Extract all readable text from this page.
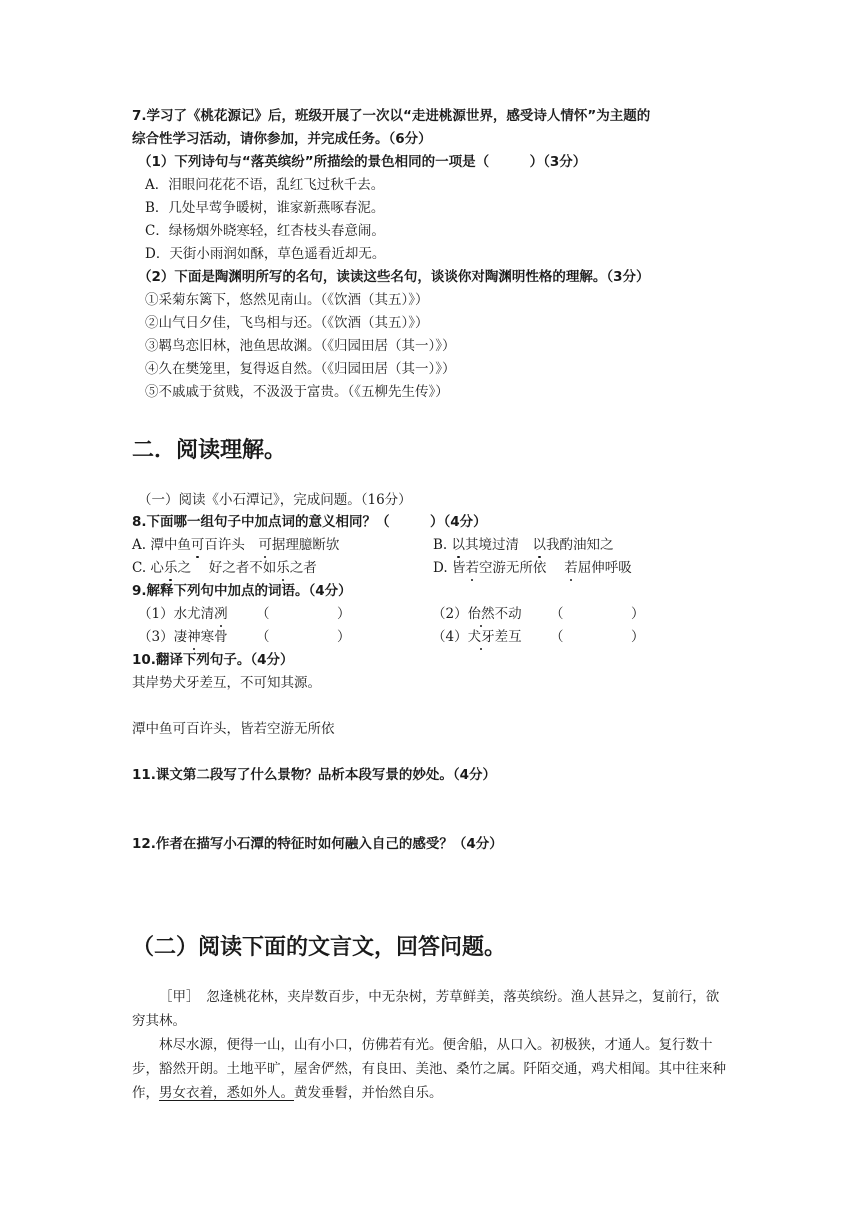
7.学习了《桃花源记》后，班级开展了一次以“走进桃源世界，感受诗人情怀”为主题的
综合性学习活动，请你参加，并完成任务。（6分）
（1）下列诗句与“落英缤纷”所描绘的景色相同的一项是（　　　）（3分）
A．泪眼问花花不语，乱红飞过秋千去。
B．几处早莺争暖树，谁家新燕啄春泥。
C．绿杨烟外晓寒轻，红杏枝头春意闹。
D．天街小雨润如酥，草色遥看近却无。
（2）下面是陶渊明所写的名句，读读这些名句，谈谈你对陶渊明性格的理解。（3分）
①采菊东篱下，悠然见南山。（《饮酒（其五）》）
②山气日夕佳，飞鸟相与还。（《饮酒（其五）》）
③羁鸟恋旧林，池鱼思故渊。（《归园田居（其一）》）
④久在樊笼里，复得返自然。（《归园田居（其一）》）
⑤不戚戚于贫贱，不汲汲于富贵。（《五柳先生传》）
二．阅读理解。
（一）阅读《小石潭记》，完成问题。（16分）
8.下面哪一组句子中加点词的意义相同？（　　　）（4分）
A. 潭中鱼可百许头　可据理臆断欤	B. 以其境过清　以我酌油知之
C. 心乐之　 好之者不如乐之者	D. 皆若空游无所依　 若屈伸呼吸
9.解释下列句中加点的词语。（4分）
（1）水尤清冽 （　　　　　）	（2）佁然不动 （　　　　　）
（3）凄神寒骨 （　　　　　）	（4）犬牙差互 （　　　　　）
10.翻译下列句子。（4分）
其岸势犬牙差互，不可知其源。
潭中鱼可百许头，皆若空游无所依
11.课文第二段写了什么景物？品析本段写景的妙处。（4分）
12.作者在描写小石潭的特征时如何融入自己的感受？（4分）
（二）阅读下面的文言文，回答问题。
［甲］　忽逢桃花林，夹岸数百步，中无杂树，芳草鲜美，落英缤纷。渔人甚异之，复前行，欲穷其林。
林尽水源，便得一山，山有小口，仿佛若有光。便舍船，从口入。初极狭，才通人。复行数十步，豁然开朗。土地平旷，屋舍俨然，有良田、美池、桑竹之属。阡陌交通，鸡犬相闻。其中往来种作，男女衣着，悉如外人。黄发垂髫，并怡然自乐。
